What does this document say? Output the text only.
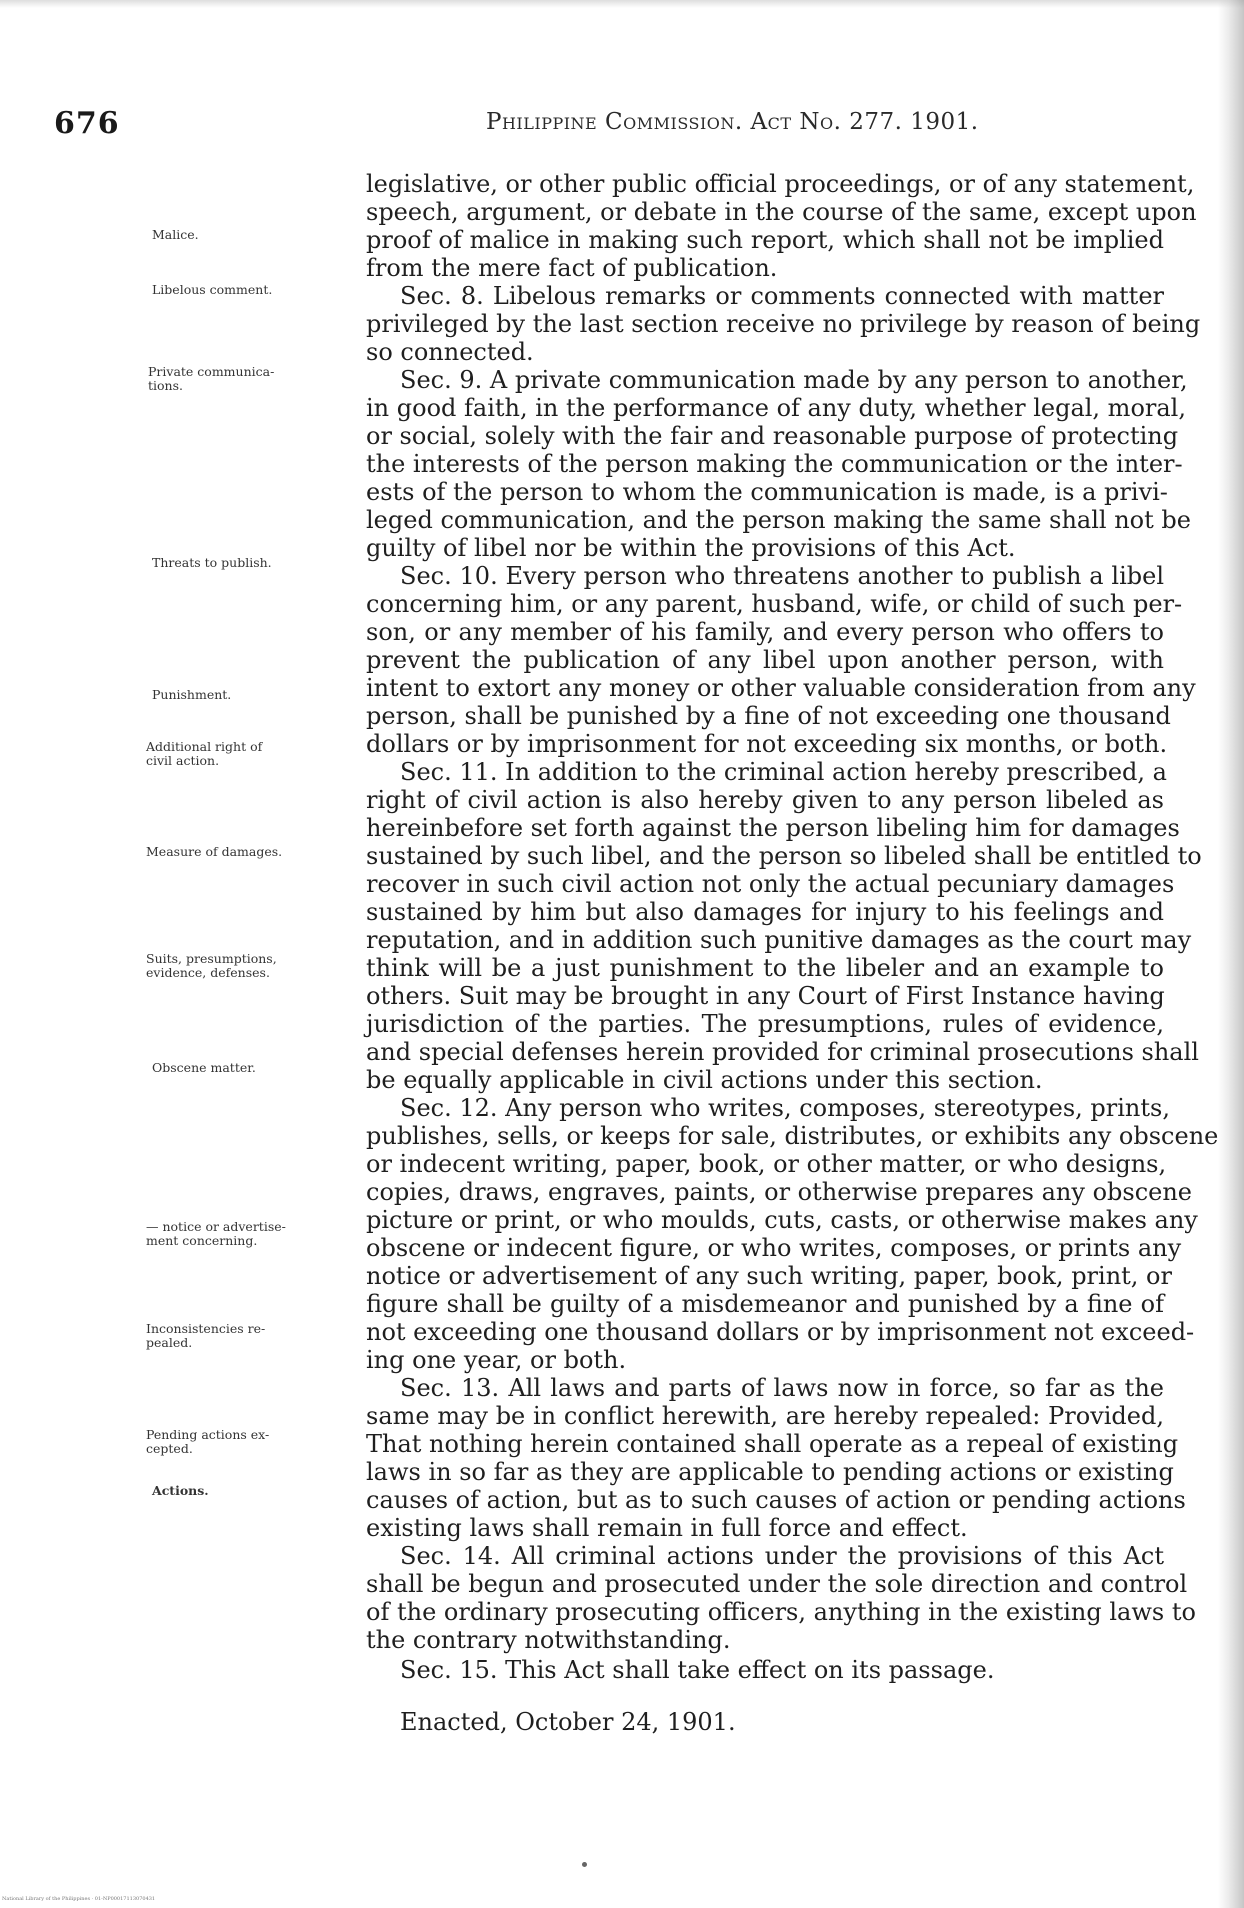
676	Philippine Commission. Act No. 277. 1901.
Malice.
Libelous comment.
Private communica-
tions.
Threats to publish.
Punishment.
Additional right of
civil action.
Measure of damages.
Suits, presumptions,
evidence, defenses.
Obscene matter.
— notice or advertise-
ment concerning.
Inconsistencies re-
pealed.
Pending actions ex-
cepted.
Actions.
legislative, or other public official proceedings, or of any statement,
speech, argument, or debate in the course of the same, except upon
proof of malice in making such report, which shall not be implied
from the mere fact of publication.
Sec. 8. Libelous remarks or comments connected with matter
privileged by the last section receive no privilege by reason of being
so connected.
Sec. 9. A private communication made by any person to another,
in good faith, in the performance of any duty, whether legal, moral,
or social, solely with the fair and reasonable purpose of protecting
the interests of the person making the communication or the inter-
ests of the person to whom the communication is made, is a privi-
leged communication, and the person making the same shall not be
guilty of libel nor be within the provisions of this Act.
Sec. 10. Every person who threatens another to publish a libel
concerning him, or any parent, husband, wife, or child of such per-
son, or any member of his family, and every person who offers to
prevent the publication of any libel upon another person, with
intent to extort any money or other valuable consideration from any
person, shall be punished by a fine of not exceeding one thousand
dollars or by imprisonment for not exceeding six months, or both.
Sec. 11. In addition to the criminal action hereby prescribed, a
right of civil action is also hereby given to any person libeled as
hereinbefore set forth against the person libeling him for damages
sustained by such libel, and the person so libeled shall be entitled to
recover in such civil action not only the actual pecuniary damages
sustained by him but also damages for injury to his feelings and
reputation, and in addition such punitive damages as the court may
think will be a just punishment to the libeler and an example to
others. Suit may be brought in any Court of First Instance having
jurisdiction of the parties. The presumptions, rules of evidence,
and special defenses herein provided for criminal prosecutions shall
be equally applicable in civil actions under this section.
Sec. 12. Any person who writes, composes, stereotypes, prints,
publishes, sells, or keeps for sale, distributes, or exhibits any obscene
or indecent writing, paper, book, or other matter, or who designs,
copies, draws, engraves, paints, or otherwise prepares any obscene
picture or print, or who moulds, cuts, casts, or otherwise makes any
obscene or indecent figure, or who writes, composes, or prints any
notice or advertisement of any such writing, paper, book, print, or
figure shall be guilty of a misdemeanor and punished by a fine of
not exceeding one thousand dollars or by imprisonment not exceed-
ing one year, or both.
Sec. 13. All laws and parts of laws now in force, so far as the
same may be in conflict herewith, are hereby repealed: Provided,
That nothing herein contained shall operate as a repeal of existing
laws in so far as they are applicable to pending actions or existing
causes of action, but as to such causes of action or pending actions
existing laws shall remain in full force and effect.
Sec. 14. All criminal actions under the provisions of this Act
shall be begun and prosecuted under the sole direction and control
of the ordinary prosecuting officers, anything in the existing laws to
the contrary notwithstanding.
Sec. 15. This Act shall take effect on its passage.
Enacted, October 24, 1901.
National Library of the Philippines · 01-NP00017113070431
